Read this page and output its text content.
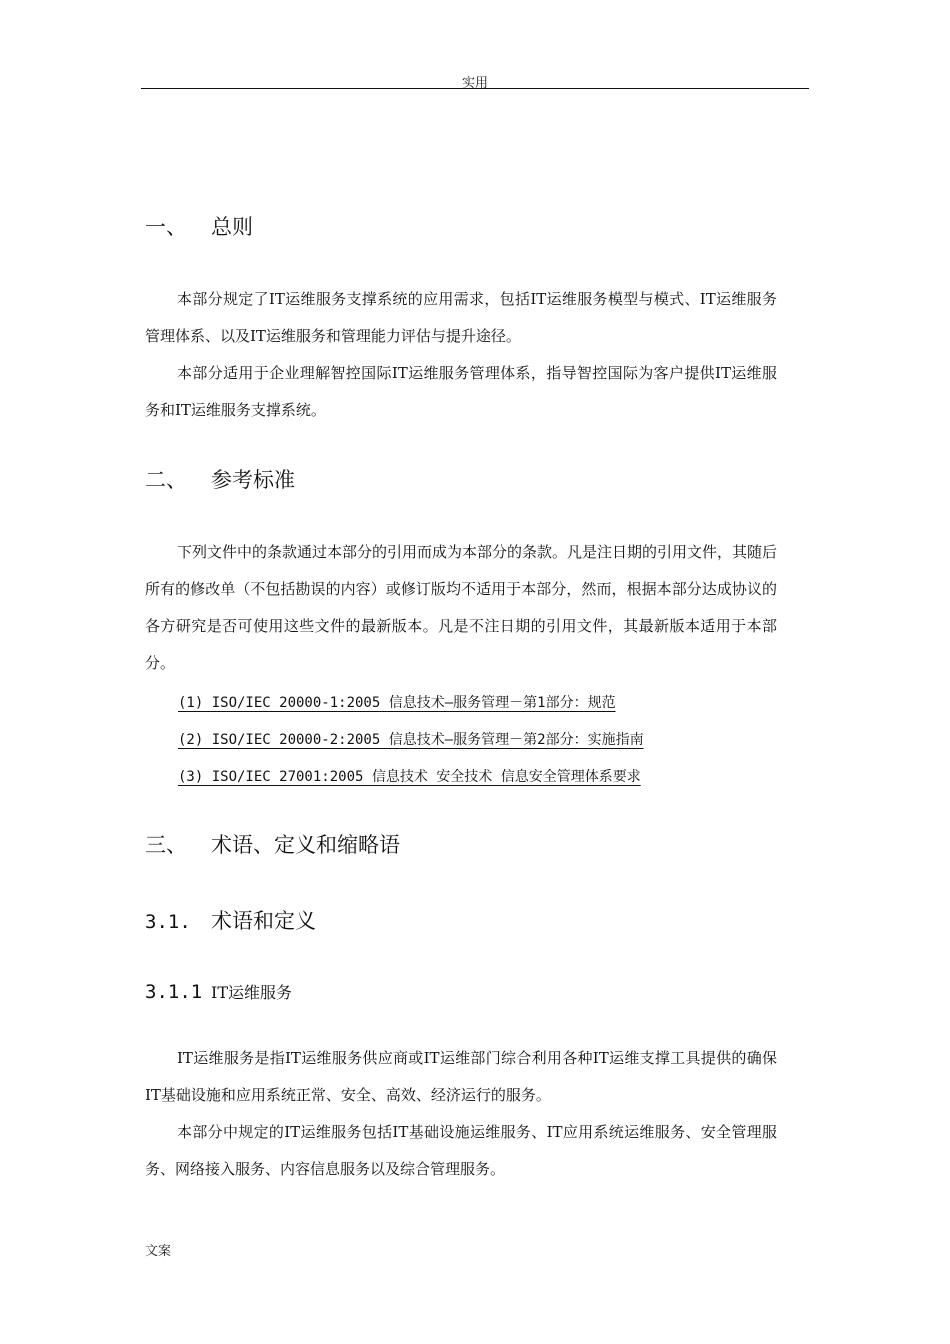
实用
一、 总则

本部分规定了IT运维服务支撑系统的应用需求，包括IT运维服务模型与模式、IT运维服务管理体系、以及IT运维服务和管理能力评估与提升途径。

本部分适用于企业理解智控国际IT运维服务管理体系，指导智控国际为客户提供IT运维服务和IT运维服务支撑系统。

二、 参考标准

下列文件中的条款通过本部分的引用而成为本部分的条款。凡是注日期的引用文件，其随后所有的修改单（不包括勘误的内容）或修订版均不适用于本部分，然而，根据本部分达成协议的各方研究是否可使用这些文件的最新版本。凡是不注日期的引用文件，其最新版本适用于本部分。

(1) ISO/IEC 20000-1:2005 信息技术—服务管理－第1部分：规范
(2) ISO/IEC 20000-2:2005 信息技术—服务管理－第2部分：实施指南
(3) ISO/IEC 27001:2005 信息技术 安全技术 信息安全管理体系要求
三、 术语、定义和缩略语
3.1. 术语和定义
3.1.1 IT运维服务

IT运维服务是指IT运维服务供应商或IT运维部门综合利用各种IT运维支撑工具提供的确保IT基础设施和应用系统正常、安全、高效、经济运行的服务。

本部分中规定的IT运维服务包括IT基础设施运维服务、IT应用系统运维服务、安全管理服务、网络接入服务、内容信息服务以及综合管理服务。

文案
